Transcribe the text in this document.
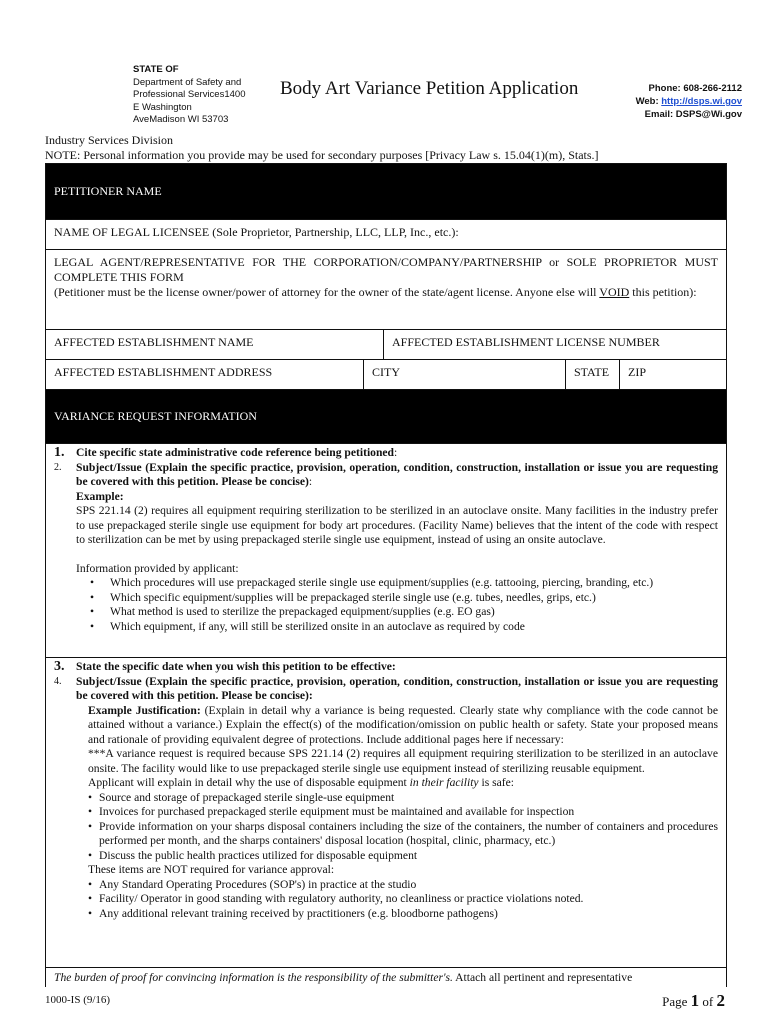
STATE OF
Department of Safety and
Professional Services1400
E Washington
AveMadison WI 53703
Body Art Variance Petition Application	Phone: 608-266-2112
Web: http://dsps.wi.gov
Email: DSPS@Wi.gov
Industry Services Division
NOTE: Personal information you provide may be used for secondary purposes [Privacy Law s. 15.04(1)(m), Stats.]
PETITIONER NAME
NAME OF LEGAL LICENSEE (Sole Proprietor, Partnership, LLC, LLP, Inc., etc.):
LEGAL AGENT/REPRESENTATIVE FOR THE CORPORATION/COMPANY/PARTNERSHIP or SOLE PROPRIETOR MUST COMPLETE THIS FORM
(Petitioner must be the license owner/power of attorney for the owner of the state/agent license. Anyone else will VOID this petition):
AFFECTED ESTABLISHMENT NAME	AFFECTED ESTABLISHMENT LICENSE NUMBER
AFFECTED ESTABLISHMENT ADDRESS	CITY	STATE	ZIP
VARIANCE REQUEST INFORMATION
1. Cite specific state administrative code reference being petitioned:
2.	Subject/Issue (Explain the specific practice, provision, operation, condition, construction, installation or issue you are requesting be covered with this petition. Please be concise):
Example:
SPS 221.14 (2) requires all equipment requiring sterilization to be sterilized in an autoclave onsite. Many facilities in the industry prefer to use prepackaged sterile single use equipment for body art procedures. (Facility Name) believes that the intent of the code with respect to sterilization can be met by using prepackaged sterile single use equipment, instead of using an onsite autoclave.
Information provided by applicant:
• Which procedures will use prepackaged sterile single use equipment/supplies (e.g. tattooing, piercing, branding, etc.)
• Which specific equipment/supplies will be prepackaged sterile single use (e.g. tubes, needles, grips, etc.)
• What method is used to sterilize the prepackaged equipment/supplies (e.g. EO gas)
• Which equipment, if any, will still be sterilized onsite in an autoclave as required by code
3. State the specific date when you wish this petition to be effective:
4.	Subject/Issue (Explain the specific practice, provision, operation, condition, construction, installation or issue you are requesting be covered with this petition. Please be concise):
Example Justification: (Explain in detail why a variance is being requested. Clearly state why compliance with the code cannot be attained without a variance.) Explain the effect(s) of the modification/omission on public health or safety. State your proposed means and rationale of providing equivalent degree of protections. Include additional pages here if necessary:
***A variance request is required because SPS 221.14 (2) requires all equipment requiring sterilization to be sterilized in an autoclave onsite. The facility would like to use prepackaged sterile single use equipment instead of sterilizing reusable equipment.
Applicant will explain in detail why the use of disposable equipment in their facility is safe:
• Source and storage of prepackaged sterile single-use equipment
• Invoices for purchased prepackaged sterile equipment must be maintained and available for inspection
• Provide information on your sharps disposal containers including the size of the containers, the number of containers and procedures performed per month, and the sharps containers' disposal location (hospital, clinic, pharmacy, etc.)
• Discuss the public health practices utilized for disposable equipment
These items are NOT required for variance approval:
• Any Standard Operating Procedures (SOP's) in practice at the studio
• Facility/ Operator in good standing with regulatory authority, no cleanliness or practice violations noted.
• Any additional relevant training received by practitioners (e.g. bloodborne pathogens)
The burden of proof for convincing information is the responsibility of the submitter's. Attach all pertinent and representative
1000-IS (9/16)	Page 1 of 2
